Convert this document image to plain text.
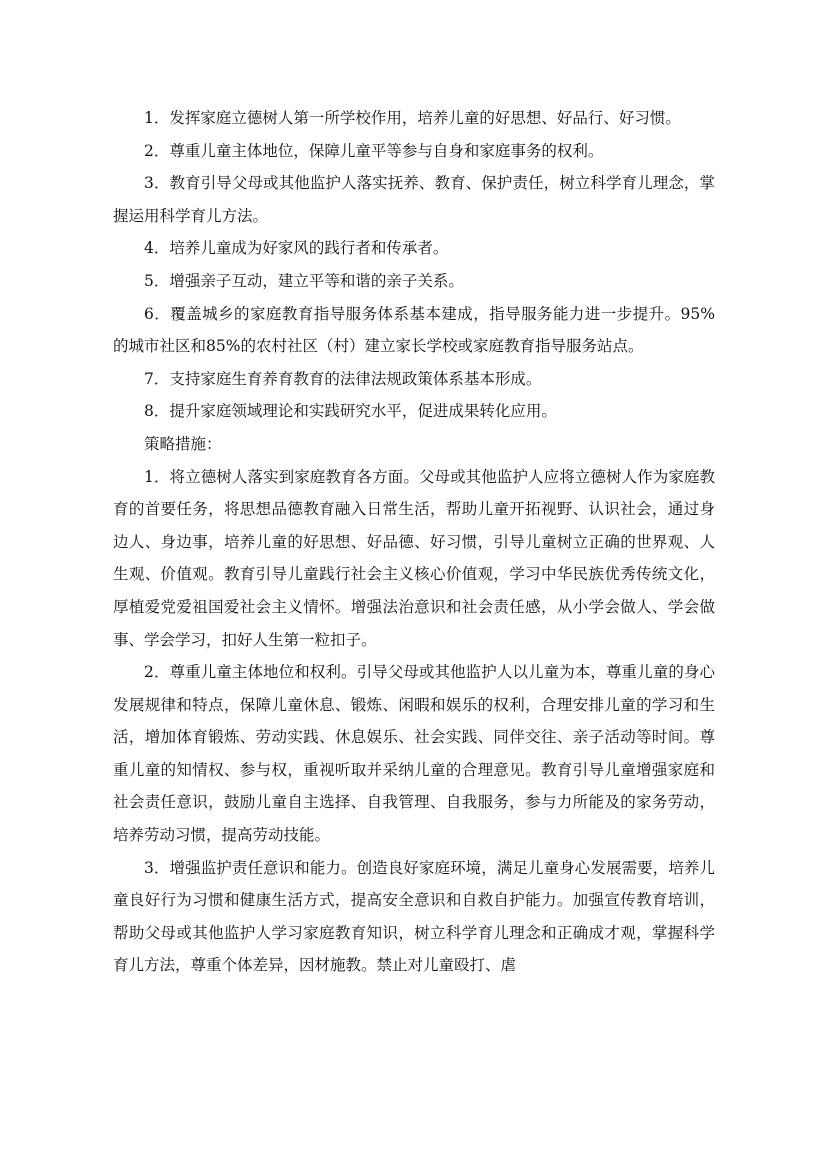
1．发挥家庭立德树人第一所学校作用，培养儿童的好思想、好品行、好习惯。

2．尊重儿童主体地位，保障儿童平等参与自身和家庭事务的权利。

3．教育引导父母或其他监护人落实抚养、教育、保护责任，树立科学育儿理念，掌握运用科学育儿方法。

4．培养儿童成为好家风的践行者和传承者。

5．增强亲子互动，建立平等和谐的亲子关系。

6．覆盖城乡的家庭教育指导服务体系基本建成，指导服务能力进一步提升。95%的城市社区和85%的农村社区（村）建立家长学校或家庭教育指导服务站点。

7．支持家庭生育养育教育的法律法规政策体系基本形成。

8．提升家庭领域理论和实践研究水平，促进成果转化应用。

策略措施：

1．将立德树人落实到家庭教育各方面。父母或其他监护人应将立德树人作为家庭教育的首要任务，将思想品德教育融入日常生活，帮助儿童开拓视野、认识社会，通过身边人、身边事，培养儿童的好思想、好品德、好习惯，引导儿童树立正确的世界观、人生观、价值观。教育引导儿童践行社会主义核心价值观，学习中华民族优秀传统文化，厚植爱党爱祖国爱社会主义情怀。增强法治意识和社会责任感，从小学会做人、学会做事、学会学习，扣好人生第一粒扣子。

2．尊重儿童主体地位和权利。引导父母或其他监护人以儿童为本，尊重儿童的身心发展规律和特点，保障儿童休息、锻炼、闲暇和娱乐的权利，合理安排儿童的学习和生活，增加体育锻炼、劳动实践、休息娱乐、社会实践、同伴交往、亲子活动等时间。尊重儿童的知情权、参与权，重视听取并采纳儿童的合理意见。教育引导儿童增强家庭和社会责任意识，鼓励儿童自主选择、自我管理、自我服务，参与力所能及的家务劳动，培养劳动习惯，提高劳动技能。

3．增强监护责任意识和能力。创造良好家庭环境，满足儿童身心发展需要，培养儿童良好行为习惯和健康生活方式，提高安全意识和自救自护能力。加强宣传教育培训，帮助父母或其他监护人学习家庭教育知识，树立科学育儿理念和正确成才观，掌握科学育儿方法，尊重个体差异，因材施教。禁止对儿童殴打、虐
